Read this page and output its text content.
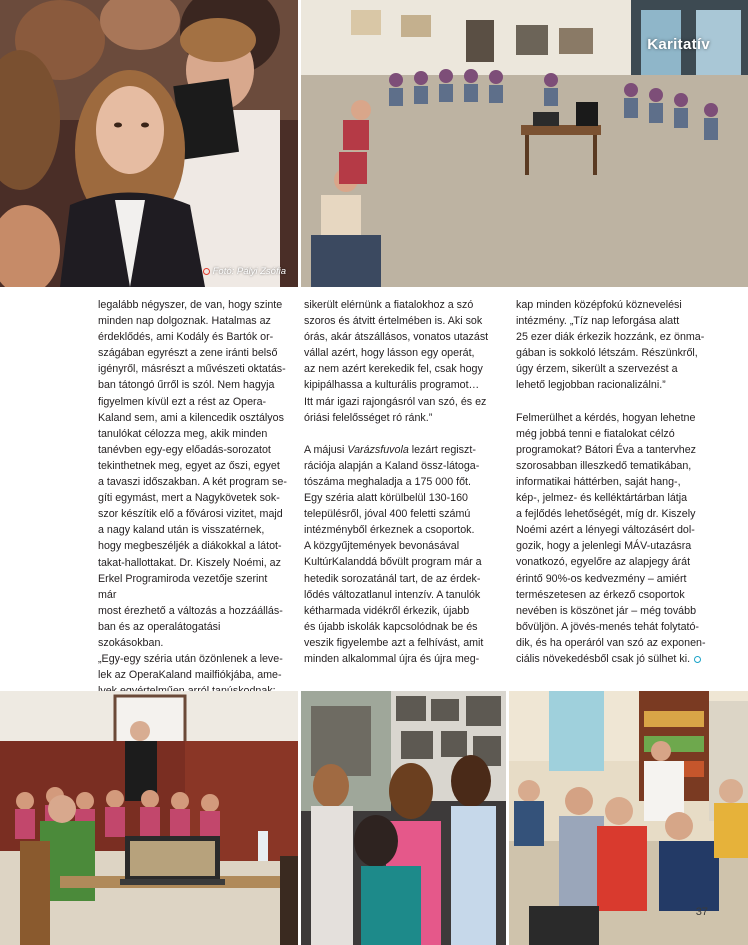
Fotó: Pályi Zsófia
Karitatív

legalább négyszer, de van, hogy szinte
minden nap dolgoznak. Hatalmas az
érdeklődés, ami Kodály és Bartók or-
szágában egyrészt a zene iránti belső
igényről, másrészt a művészeti oktatás-
ban tátongó űrről is szól. Nem hagyja
figyelmen kívül ezt a rést az Opera-
Kaland sem, ami a kilencedik osztályos
tanulókat célozza meg, akik minden
tanévben egy-egy előadás-sorozatot
tekinthetnek meg, egyet az őszi, egyet
a tavaszi időszakban. A két program se-
gíti egymást, mert a Nagykövetek sok-
szor készítik elő a fővárosi vizitet, majd
a nagy kaland után is visszatérnek,
hogy megbeszéljék a diákokkal a látot-
takat-hallottakat. Dr. Kiszely Noémi, az
Erkel Programiroda vezetője szerint már
most érezhető a változás a hozzáállás-
ban és az operalátogatási szokásokban.
„Egy-egy széria után özönlenek a leve-
lek az OperaKaland mailfiókjába, ame-

sikerült elérnünk a fiatalokhoz a szó
szoros és átvitt értelmében is. Aki sok
órás, akár átszállásos, vonatos utazást
vállal azért, hogy lásson egy operát,
az nem azért kerekedik fel, csak hogy
kipipálhassa a kulturális programot…
Itt már igazi rajongásról van szó, és ez
óriási felelősséget ró ránk.”

A májusi Varázsfuvola lezárt regiszt-
rációja alapján a Kaland össz-látoga-
tószáma meghaladja a 175 000 főt.
Egy széria alatt körülbelül 130-160
településről, jóval 400 feletti számú
intézményből érkeznek a csoportok.
A közgyűjtemények bevonásával
KultúrKalanddá bővült program már a
hetedik sorozatánál tart, de az érdek-
lődés változatlanul intenzív. A tanulók
kétharmada vidékről érkezik, újabb
és újabb iskolák kapcsolódnak be és
veszik figyelembe azt a felhívást, amit
minden alkalommal újra és újra meg-

kap minden középfokú köznevelési
intézmény. „Tíz nap leforgása alatt
25 ezer diák érkezik hozzánk, ez önma-
gában is sokkoló létszám. Részünkről,
úgy érzem, sikerült a szervezést a
lehető legjobban racionalizálni.”

Felmerülhet a kérdés, hogyan lehetne
még jobbá tenni e fiatalokat célzó
programokat? Bátori Éva a tantervhez
szorosabban illeszkedő tematikában,
informatikai háttérben, saját hang-,
kép-, jelmez- és kelléktártárban látja
a fejlődés lehetőségét, míg dr. Kiszely
Noémi azért a lényegi változásért dol-
gozik, hogy a jelenlegi MÁV-utazásra
vonatkozó, egyelőre az alapjegy árát
érintő 90%-os kedvezmény – amiért
természetesen az érkező csoportok
nevében is köszönet jár – még tovább
bővüljön. A jövés-menés tehát folytató-
dik, és ha operáról van szó az exponen-
ciális növekedésből csak jó sülhet ki.

37
